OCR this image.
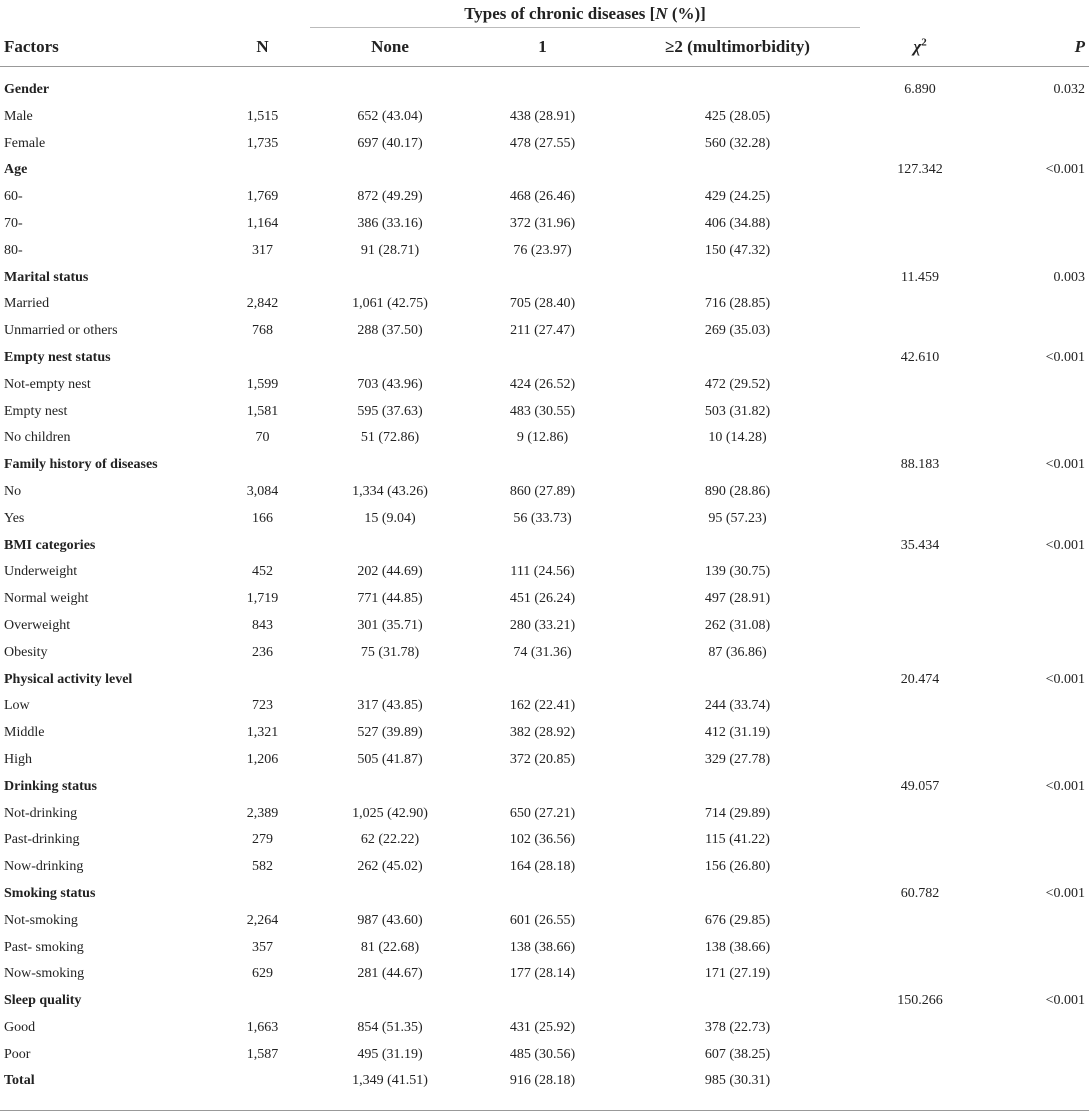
		Types of chronic diseases [N (%)]		

Factors	N	None	1	≥2 (multimorbidity)	$\chi^2$	P

Gender					6.890	0.032
Male	1,515	652 (43.04)	438 (28.91)	425 (28.05)		
Female	1,735	697 (40.17)	478 (27.55)	560 (32.28)		
Age					127.342	<0.001
60-	1,769	872 (49.29)	468 (26.46)	429 (24.25)		
70-	1,164	386 (33.16)	372 (31.96)	406 (34.88)		
80-	317	91 (28.71)	76 (23.97)	150 (47.32)		
Marital status					11.459	0.003
Married	2,842	1,061 (42.75)	705 (28.40)	716 (28.85)		
Unmarried or others	768	288 (37.50)	211 (27.47)	269 (35.03)		
Empty nest status					42.610	<0.001
Not-empty nest	1,599	703 (43.96)	424 (26.52)	472 (29.52)		
Empty nest	1,581	595 (37.63)	483 (30.55)	503 (31.82)		
No children	70	51 (72.86)	9 (12.86)	10 (14.28)		
Family history of diseases					88.183	<0.001
No	3,084	1,334 (43.26)	860 (27.89)	890 (28.86)		
Yes	166	15 (9.04)	56 (33.73)	95 (57.23)		
BMI categories					35.434	<0.001
Underweight	452	202 (44.69)	111 (24.56)	139 (30.75)		
Normal weight	1,719	771 (44.85)	451 (26.24)	497 (28.91)		
Overweight	843	301 (35.71)	280 (33.21)	262 (31.08)		
Obesity	236	75 (31.78)	74 (31.36)	87 (36.86)		
Physical activity level					20.474	<0.001
Low	723	317 (43.85)	162 (22.41)	244 (33.74)		
Middle	1,321	527 (39.89)	382 (28.92)	412 (31.19)		
High	1,206	505 (41.87)	372 (20.85)	329 (27.78)		
Drinking status					49.057	<0.001
Not-drinking	2,389	1,025 (42.90)	650 (27.21)	714 (29.89)		
Past-drinking	279	62 (22.22)	102 (36.56)	115 (41.22)		
Now-drinking	582	262 (45.02)	164 (28.18)	156 (26.80)		
Smoking status					60.782	<0.001
Not-smoking	2,264	987 (43.60)	601 (26.55)	676 (29.85)		
Past- smoking	357	81 (22.68)	138 (38.66)	138 (38.66)		
Now-smoking	629	281 (44.67)	177 (28.14)	171 (27.19)		
Sleep quality					150.266	<0.001
Good	1,663	854 (51.35)	431 (25.92)	378 (22.73)		
Poor	1,587	495 (31.19)	485 (30.56)	607 (38.25)		
Total		1,349 (41.51)	916 (28.18)	985 (30.31)		
